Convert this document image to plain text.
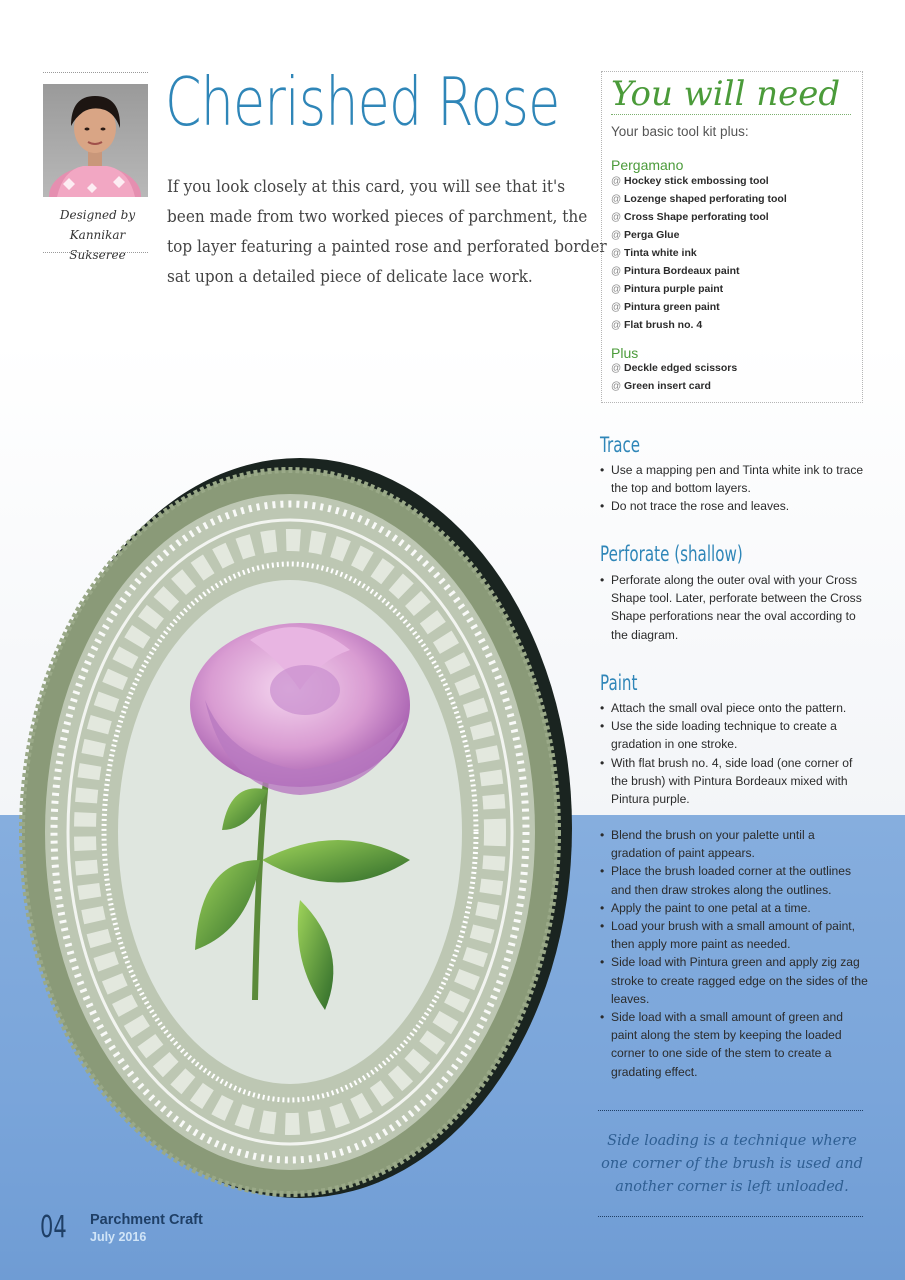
Designed by
Kannikar Sukseree
Cherished Rose
If you look closely at this card, you will see that it's
been made from two worked pieces of parchment, the
top layer featuring a painted rose and perforated border
sat upon a detailed piece of delicate lace work.
You will need
Your basic tool kit plus:
Pergamano
@ Hockey stick embossing tool
@ Lozenge shaped perforating tool
@ Cross Shape perforating tool
@ Perga Glue
@ Tinta white ink
@ Pintura Bordeaux paint
@ Pintura purple paint
@ Pintura green paint
@ Flat brush no. 4
Plus
@ Deckle edged scissors
@ Green insert card
Trace
• Use a mapping pen and Tinta white ink to trace the top and bottom layers.
• Do not trace the rose and leaves.
Perforate (shallow)
• Perforate along the outer oval with your Cross Shape tool. Later, perforate between the Cross Shape perforations near the oval according to the diagram.
Paint
• Attach the small oval piece onto the pattern.
• Use the side loading technique to create a gradation in one stroke.
• With flat brush no. 4, side load (one corner of the brush) with Pintura Bordeaux mixed with Pintura purple.
• Blend the brush on your palette until a gradation of paint appears.
• Place the brush loaded corner at the outlines and then draw strokes along the outlines.
• Apply the paint to one petal at a time.
• Load your brush with a small amount of paint, then apply more paint as needed.
• Side load with Pintura green and apply zig zag stroke to create ragged edge on the sides of the leaves.
• Side load with a small amount of green and paint along the stem by keeping the loaded corner to one side of the stem to create a gradating effect.
Side loading is a technique where
one corner of the brush is used and
another corner is left unloaded.
04 Parchment Craft
July 2016
